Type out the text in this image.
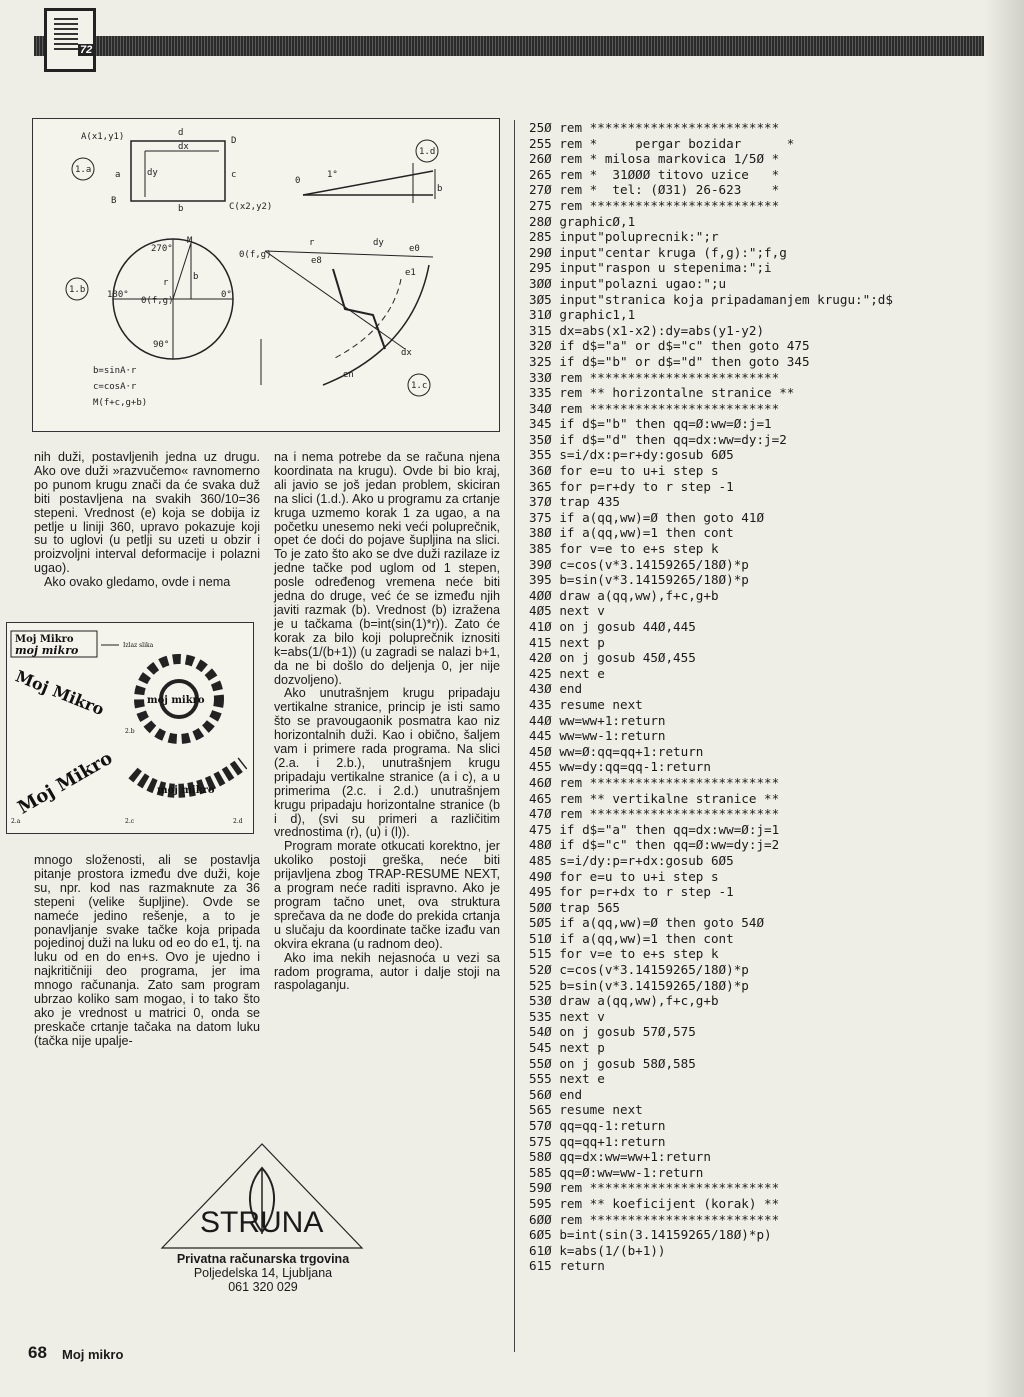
72
A(x1,y1)	d
D
dx
dy
a	c
b
B
C(x2,y2)
1.a
0
1°
b
1.d
270°
180°	0°
90°
M
r
b
0(f,g)
1.b
b=sinA·r
c=cosA·r
M(f+c,g+b)
0(f,g)
r	dy
e0
e1
e8
dx
en
1.c

nih duži, postavljenih jedna uz drugu. Ako ove duži »razvučemo« ravnomerno po punom krugu znači da će svaka duž biti postavljena na svakih 360/10=36 stepeni. Vrednost (e) koja se dobija iz petlje u liniji 360, upravo pokazuje koji su to uglovi (u petlji su uzeti u obzir i proizvoljni interval deformacije i polazni ugao).

Ako ovako gledamo, ovde i nema

Moj Mikro
moj mikro	Izlaz slika
Moj Mikro	moj mikro
Moj Mikro	moj mikro
2.a
2.b
2.c	2.d

mnogo složenosti, ali se postavlja pitanje prostora između dve duži, koje su, npr. kod nas razmaknute za 36 stepeni (velike šupljine). Ovde se nameće jedino rešenje, a to je ponavljanje svake tačke koja pripada pojedinoj duži na luku od eo do e1, tj. na luku od en do en+s. Ovo je ujedno i najkritičniji deo programa, jer ima mnogo računanja. Zato sam program ubrzao koliko sam mogao, i to tako što ako je vrednost u matrici 0, onda se preskače crtanje tačaka na datom luku (tačka nije upalje-

na i nema potrebe da se računa njena koordinata na krugu). Ovde bi bio kraj, ali javio se još jedan problem, skiciran na slici (1.d.). Ako u programu za crtanje kruga uzmemo korak 1 za ugao, a na početku unesemo neki veći poluprečnik, opet će doći do pojave šupljina na slici. To je zato što ako se dve duži razilaze iz jedne tačke pod uglom od 1 stepen, posle određenog vremena neće biti jedna do druge, već će se između njih javiti razmak (b). Vrednost (b) izražena je u tačkama (b=int(sin(1)*r)). Zato će korak za bilo koji poluprečnik iznositi k=abs(1/(b+1)) (u zagradi se nalazi b+1, da ne bi došlo do deljenja 0, jer nije dozvoljeno).

Ako unutrašnjem krugu pripadaju vertikalne stranice, princip je isti samo što se pravougaonik posmatra kao niz horizontalnih duži. Kao i obično, šaljem vam i primere rada programa. Na slici (2.a. i 2.b.), unutrašnjem krugu pripadaju vertikalne stranice (a i c), a u primerima (2.c. i 2.d.) unutrašnjem krugu pripadaju horizontalne stranice (b i d), (svi su primeri a različitim vrednostima (r), (u) i (l)).

Program morate otkucati korektno, jer ukoliko postoji greška, neće biti prijavljena zbog TRAP-RESUME NEXT, a program neće raditi ispravno. Ako je program tačno unet, ova struktura sprečava da ne dođe do prekida crtanja u slučaju da koordinate tačke izađu van okvira ekrana (u radnom deo).

Ako ima nekih nejasnoća u vezi sa radom programa, autor i dalje stoji na raspolaganju.

25Ø rem *************************
255 rem *     pergar bozidar      *
26Ø rem * milosa markovica 1/5Ø *
265 rem *  31ØØØ titovo uzice   *
27Ø rem *  tel: (Ø31) 26-623    *
275 rem *************************
28Ø graphicØ,1
285 input"poluprecnik:";r
29Ø input"centar kruga (f,g):";f,g
295 input"raspon u stepenima:";i
3ØØ input"polazni ugao:";u
3Ø5 input"stranica koja pripadamanjem krugu:";d$
31Ø graphic1,1
315 dx=abs(x1-x2):dy=abs(y1-y2)
32Ø if d$="a" or d$="c" then goto 475
325 if d$="b" or d$="d" then goto 345
33Ø rem *************************
335 rem ** horizontalne stranice **
34Ø rem *************************
345 if d$="b" then qq=Ø:ww=Ø:j=1
35Ø if d$="d" then qq=dx:ww=dy:j=2
355 s=i/dx:p=r+dy:gosub 6Ø5
36Ø for e=u to u+i step s
365 for p=r+dy to r step -1
37Ø trap 435
375 if a(qq,ww)=Ø then goto 41Ø
38Ø if a(qq,ww)=1 then cont
385 for v=e to e+s step k
39Ø c=cos(v*3.14159265/18Ø)*p
395 b=sin(v*3.14159265/18Ø)*p
4ØØ draw a(qq,ww),f+c,g+b
4Ø5 next v
41Ø on j gosub 44Ø,445
415 next p
42Ø on j gosub 45Ø,455
425 next e
43Ø end
435 resume next
44Ø ww=ww+1:return
445 ww=ww-1:return
45Ø ww=Ø:qq=qq+1:return
455 ww=dy:qq=qq-1:return
46Ø rem *************************
465 rem ** vertikalne stranice **
47Ø rem *************************
475 if d$="a" then qq=dx:ww=Ø:j=1
48Ø if d$="c" then qq=Ø:ww=dy:j=2
485 s=i/dy:p=r+dx:gosub 6Ø5
49Ø for e=u to u+i step s
495 for p=r+dx to r step -1
5ØØ trap 565
5Ø5 if a(qq,ww)=Ø then goto 54Ø
51Ø if a(qq,ww)=1 then cont
515 for v=e to e+s step k
52Ø c=cos(v*3.14159265/18Ø)*p
525 b=sin(v*3.14159265/18Ø)*p
53Ø draw a(qq,ww),f+c,g+b
535 next v
54Ø on j gosub 57Ø,575
545 next p
55Ø on j gosub 58Ø,585
555 next e
56Ø end
565 resume next
57Ø qq=qq-1:return
575 qq=qq+1:return
58Ø qq=dx:ww=ww+1:return
585 qq=Ø:ww=ww-1:return
59Ø rem *************************
595 rem ** koeficijent (korak) **
6ØØ rem *************************
6Ø5 b=int(sin(3.14159265/18Ø)*p)
61Ø k=abs(1/(b+1))
615 return
STRUNA
Privatna računarska trgovina
Poljedelska 14, Ljubljana
061 320 029
68 Moj mikro
